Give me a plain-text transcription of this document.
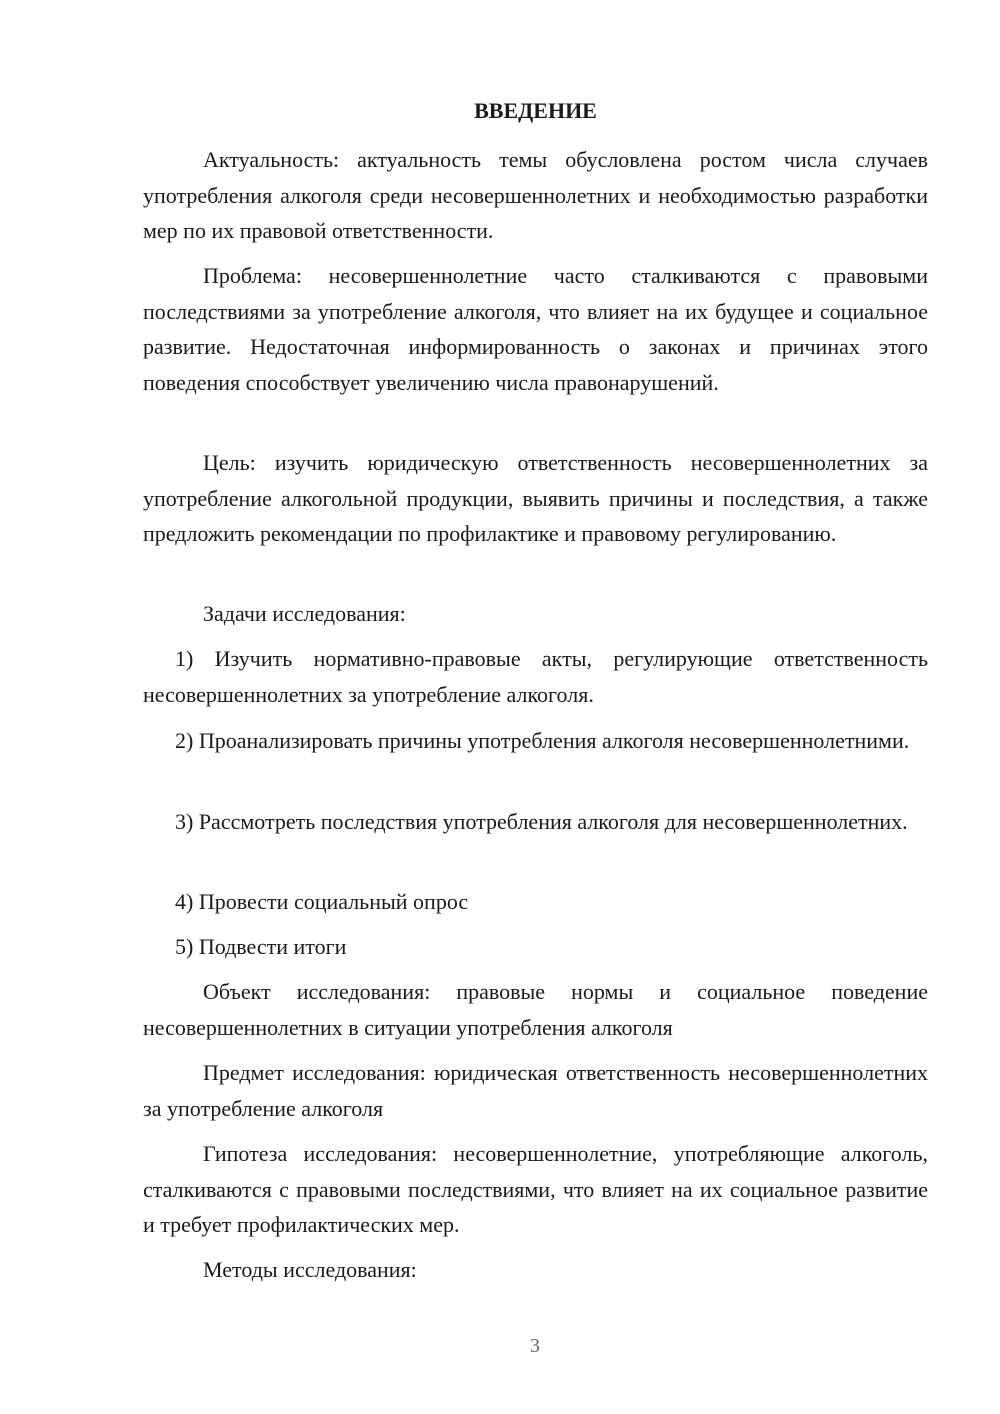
ВВЕДЕНИЕ

Актуальность: актуальность темы обусловлена ростом числа случаев употребления алкоголя среди несовершеннолетних и необходимостью разработки мер по их правовой ответственности.

Проблема: несовершеннолетние часто сталкиваются с правовыми последствиями за употребление алкоголя, что влияет на их будущее и социальное развитие. Недостаточная информированность о законах и причинах этого поведения способствует увеличению числа правонарушений.

Цель: изучить юридическую ответственность несовершеннолетних за употребление алкогольной продукции, выявить причины и последствия, а также предложить рекомендации по профилактике и правовому регулированию.

Задачи исследования:

1) Изучить нормативно-правовые акты, регулирующие ответственность несовершеннолетних за употребление алкоголя.

2) Проанализировать причины употребления алкоголя несовершеннолетними.

3) Рассмотреть последствия употребления алкоголя для несовершеннолетних.

4) Провести социальный опрос

5) Подвести итоги

Объект исследования: правовые нормы и социальное поведение несовершеннолетних в ситуации употребления алкоголя

Предмет исследования: юридическая ответственность несовершеннолетних за употребление алкоголя

Гипотеза исследования: несовершеннолетние, употребляющие алкоголь, сталкиваются с правовыми последствиями, что влияет на их социальное развитие и требует профилактических мер.

Методы исследования:

3
